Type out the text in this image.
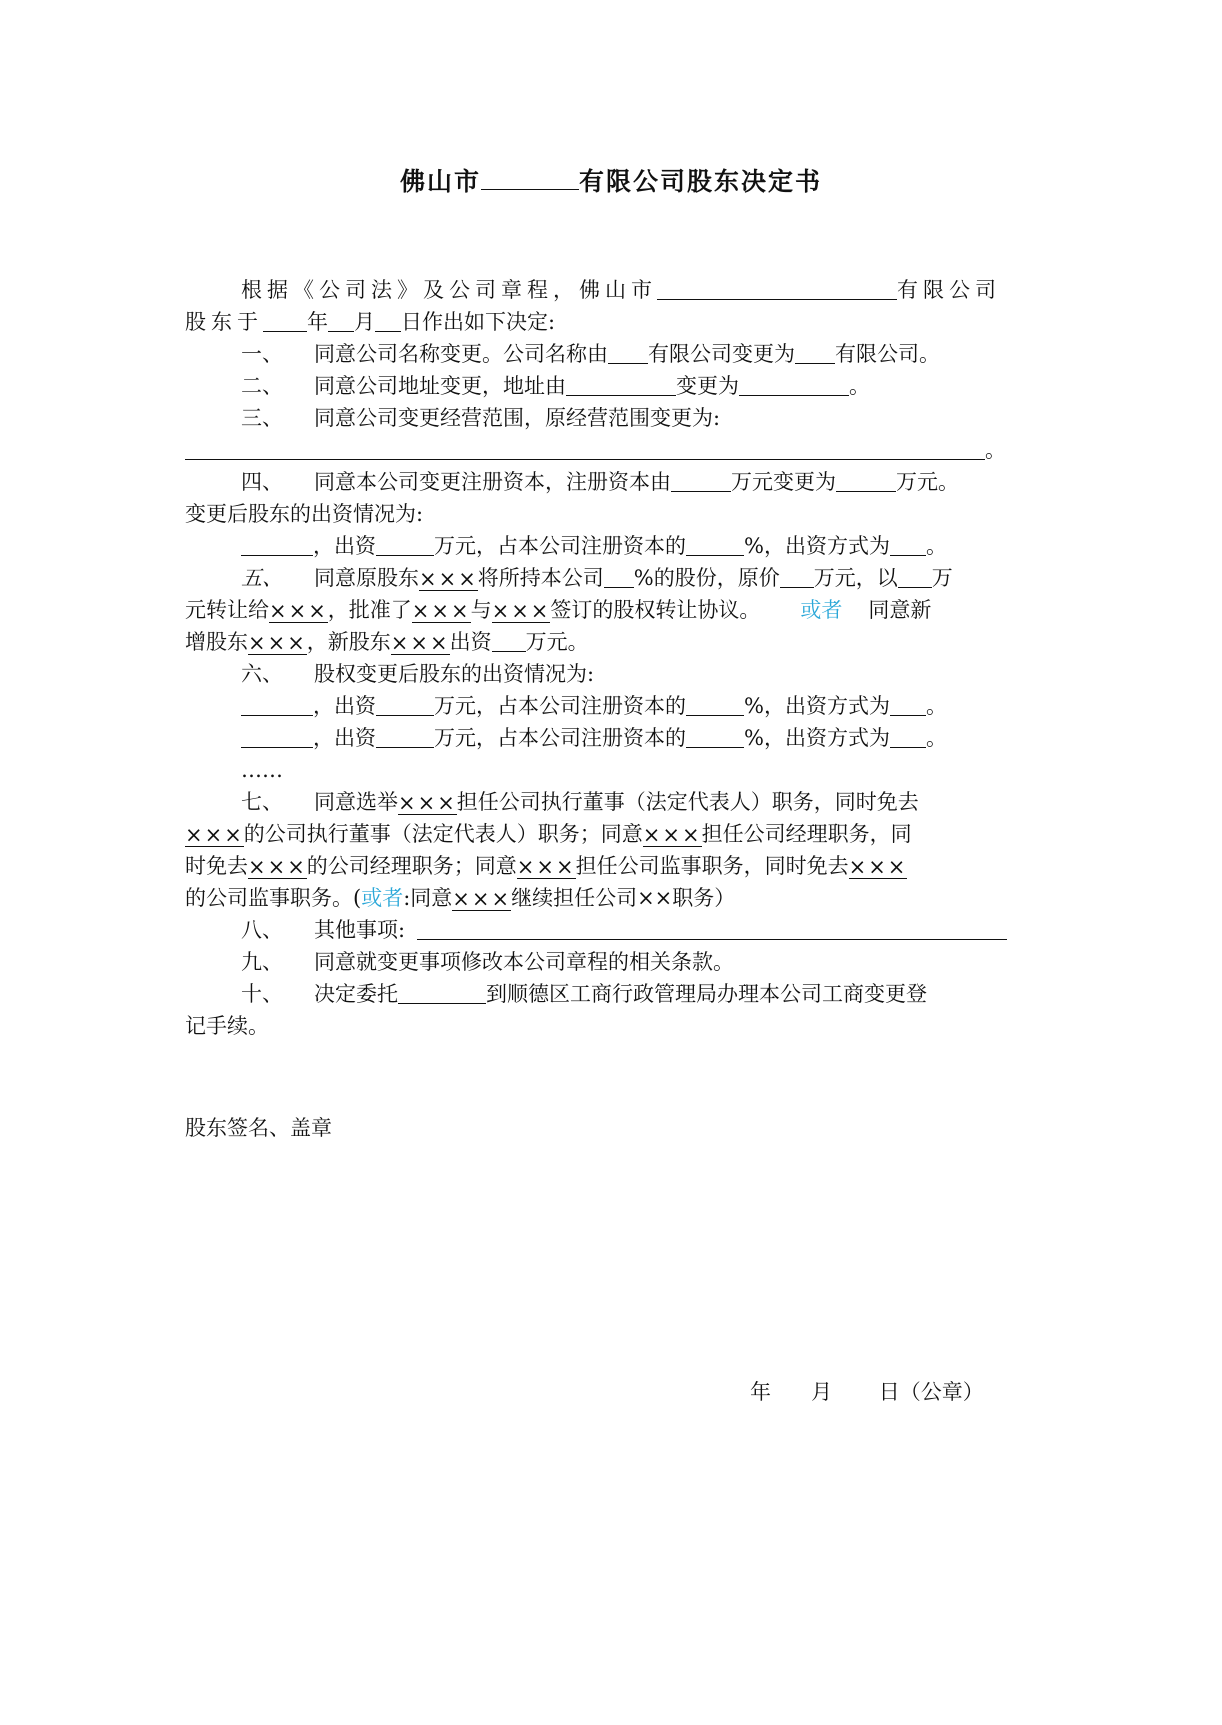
佛山市	有限公司股东决定书
根据《公司法》及公司章程，佛山市	有限公司
股东于 年 月 日作出如下决定:
一、 同意公司名称变更。公司名称由 有限公司变更为 有限公司。
二、 同意公司地址变更，地址由	变更为	。
三、 同意公司变更经营范围，原经营范围变更为:
。
四、 同意本公司变更注册资本，注册资本由	万元变更为	万元。
变更后股东的出资情况为:
，出资	万元，占本公司注册资本的	%，出资方式为 。
五、 同意原股东×××将所持本公司 %的股份，原价 万元，以 万
元转让给×××，批准了×××与×××签订的股权转让协议。 或者 同意新
增股东×××，新股东×××出资 万元。
六、 股权变更后股东的出资情况为:
，出资	万元，占本公司注册资本的	%，出资方式为 。
，出资	万元，占本公司注册资本的	%，出资方式为 。
……
七、 同意选举×××担任公司执行董事（法定代表人）职务，同时免去
×××的公司执行董事（法定代表人）职务；同意×××担任公司经理职务，同
时免去×××的公司经理职务；同意×××担任公司监事职务，同时免去×××
的公司监事职务。(或者:同意×××继续担任公司××职务）
八、 其他事项:
九、 同意就变更事项修改本公司章程的相关条款。
十、 决定委托	到顺德区工商行政管理局办理本公司工商变更登
记手续。
股东签名、盖章
年 月 日（公章）
